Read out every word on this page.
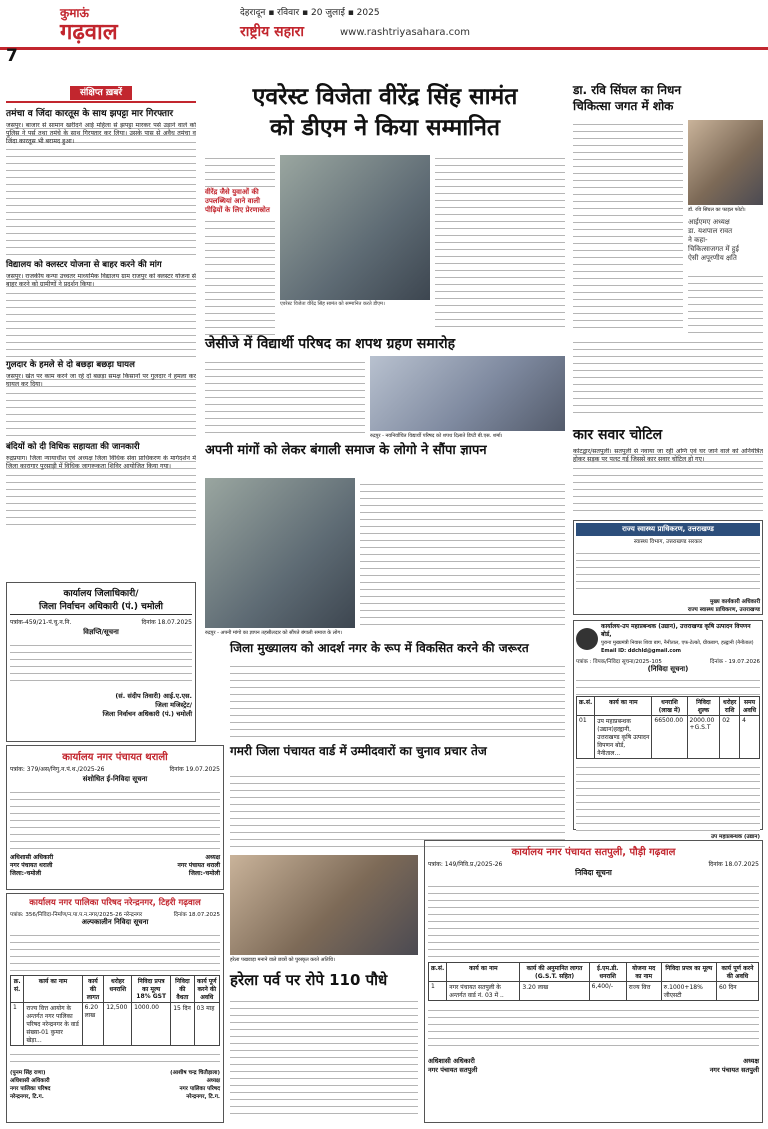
कुमाऊं
गढ़वाल
7
देहरादून ▪ रविवार ▪ 20 जुलाई ▪ 2025
राष्ट्रीय सहारा	www.rashtriyasahara.com
संक्षिप्त ख़बरें
तमंचा व जिंदा कारतूस के साथ झपट्टा मार गिरफ्तार
जसपुर। बाजार से सामान खरीदने आई महिला से झपट्टा मारकर पर्स उड़ाने वाले को पुलिस ने पर्स तथा तमंचे के साथ गिरफ्तार कर लिया। उसके पास से अवैध तमंचा व जिंदा कारतूस भी बरामद हुआ।
विद्यालय को क्लस्टर योजना से बाहर करने की मांग
जसपुर। राजकीय कन्या उच्चतर माध्यमिक विद्यालय ग्राम राजपुर को क्लस्टर योजना से बाहर करने को ग्रामीणों ने प्रदर्शन किया।
गुलदार के हमले से दो बछड़ा बछड़ा घायल
जसपुर। खेत पर काम करने जा रहे दो बछड़ा समक्ष किसानों पर गुलदार ने हमला कर घायल कर दिया।
बंदियों को दी विधिक सहायता की जानकारी
रुद्रप्रयाग। जिला न्यायाधीश एवं अध्यक्ष जिला विधिक सेवा प्राधिकरण के मार्गदर्शन में जिला कारागार पुरसाड़ी में विधिक जागरूकता शिविर आयोजित किया गया।
कार्यालय जिलाधिकारी/
जिला निर्वाचन अधिकारी (पं.) चमोली
पत्रांक-459/21-पं.चु.न.नि.	दिनांक 18.07.2025
विज्ञप्ति/सूचना
(सं. संदीप तिवारी) आई.ए.एस.
जिला मजिस्ट्रेट/
जिला निर्वाचन अधिकारी (पं.) चमोली
कार्यालय नगर पंचायत थराली
पत्रांक: 379/अस/निगु.न.पं.थ./2025-26	दिनांक 19.07.2025
संशोधित ई-निविदा सूचना
अधिशासी अधिकारी
नगर पंचायत थराली
जिला:-चमोली
अध्यक्ष
नगर पंचायत थराली
जिला:-चमोली
एवरेस्ट विजेता वीरेंद्र सिंह सामंत
को डीएम ने किया सम्मानित
वीरेंद्र जैसे युवाओं की उपलब्धियां आने वाली पीढ़ियों के लिए प्रेरणास्रोत
एवरेस्ट विजेता वीरेंद्र सिंह सामंत को सम्मानित करते डीएम।
डा. रवि सिंघल का निधन
चिकित्सा जगत में शोक
डॉ. रवि सिंघल का फाइल फोटो।
आईएमए अध्यक्ष
डा. यशपाल रावत
ने कहा-
चिकित्साजगत में हुई
ऐसी अपूरणीय क्षति
जेसीजे में विद्यार्थी परिषद का शपथ ग्रहण समारोह
रुद्रपुर - नवनिर्वाचित विद्यार्थी परिषद को शपथ दिलाते डिप्टी बी.एस. शर्मा।	कार सवार चोटिल
कोटद्वार/सतपुली। सतपुली से नवाया जा रही अग्नि एवं घर जाने वाले को अनियंत्रित होकर सड़क पर पलट गई जिससे कार सवार चोटिल हो गए।
अपनी मांगों को लेकर बंगाली समाज के लोगो ने सौंपा ज्ञापन
रुद्रपुर - अपनी मांगो का ज्ञापन तहसीलदार को सौंपते बंगाली समाज के लोग।
राज्य स्वास्थ्य प्राधिकरण, उत्तराखण्ड
स्वास्थ्य विभाग, उत्तराखण्ड सरकार
मुख्य कार्यकारी अधिकारी
राज्य स्वास्थ्य प्राधिकरण, उत्तराखण्ड
जिला मुख्यालय को आदर्श नगर के रूप में विकसित करने की जरूरत
कार्यालय-उप महाप्रबन्धक (उद्यान), उत्तराखण्ड कृषि उत्पादन विपणन बोर्ड,
पुराना मुख्यमंत्री निवास शिवा बाग, नैनीताल, एफ-टेल्को, ग्रीकबाग, हल्द्वानी (नैनीताल)
Email ID: ddchld@gmail.com
पत्रांक : विपक/निविदा सूचना/2025-105	दिनांक - 19.07.2026
(निविदा सूचना)
क्र.सं.	कार्य का नाम	धनराशि (लाख में)	निविदा शुल्क	धरोहर राशि	समय अवधि
01	उप महाप्रबन्धक (उद्यान)हल्द्वानी, उत्तराखण्ड कृषि उत्पादन विपणन बोर्ड, नैनीताल...	66500.00	2000.00 +G.S.T	02	4
उप महाप्रबन्धक (उद्यान)
गमरी जिला पंचायत वार्ड में उम्मीदवारों का चुनाव प्रचार तेज
कार्यालय नगर पंचायत सतपुली, पौड़ी गढ़वाल
पत्रांक: 149/निवि.प्र./2025-26	दिनांक 18.07.2025
निविदा सूचना
क्र.सं.	कार्य का नाम	कार्य की अनुमानित लागत (G.S.T. सहित)	ई.एम.डी. धनराशि	योजना मद का नाम	निविदा प्रपत्र का मूल्य	कार्य पूर्ण करने की अवधि
1	नगर पंचायत सतपुली के अन्तर्गत वार्ड नं. 03 में ..	3.20 लाख	6,400/-	राज्य वित्त	रु.1000+18% जीएसटी	60 दिन
अधिशासी अधिकारी
नगर पंचायत सतपुली
अध्यक्ष
नगर पंचायत सतपुली
कार्यालय नगर पालिका परिषद नरेन्द्रनगर, टिहरी गढ़वाल
पत्रांक: 356/निविदा-निर्माण/न.पा.प.न.नगर/2025-26 नरेन्द्रनगर	दिनांक 18.07.2025
अल्पकालीन निविदा सूचना
क्र. सं.	कार्य का नाम	कार्य की लागत	धरोहर धनराशि	निविदा प्रपत्र का मूल्य 18% GST	निविदा की वैधता	कार्य पूर्ण करने की अवधि
1	राज्य वित्त आयोग के अन्तर्गत नगर पालिका परिषद नरेन्द्रनगर के वार्ड संख्या-01 कुमार खेड़ा...	6.20 लाख	12,500	1000.00	15 दिन	03 माह
(पुनम सिंह राणा)
अधिशासी अधिकारी
नगर पालिका परिषद
नरेन्द्रनगर, टि.ग.
(आशीष चन्द्र चितौड़ाला)
अध्यक्ष
नगर पालिका परिषद
नरेन्द्रनगर, टि.ग.
हरेला पखवाड़ा मनाने वाले छात्रों को पुरस्कृत करते अतिथि।
हरेला पर्व पर रोपे 110 पौधे
